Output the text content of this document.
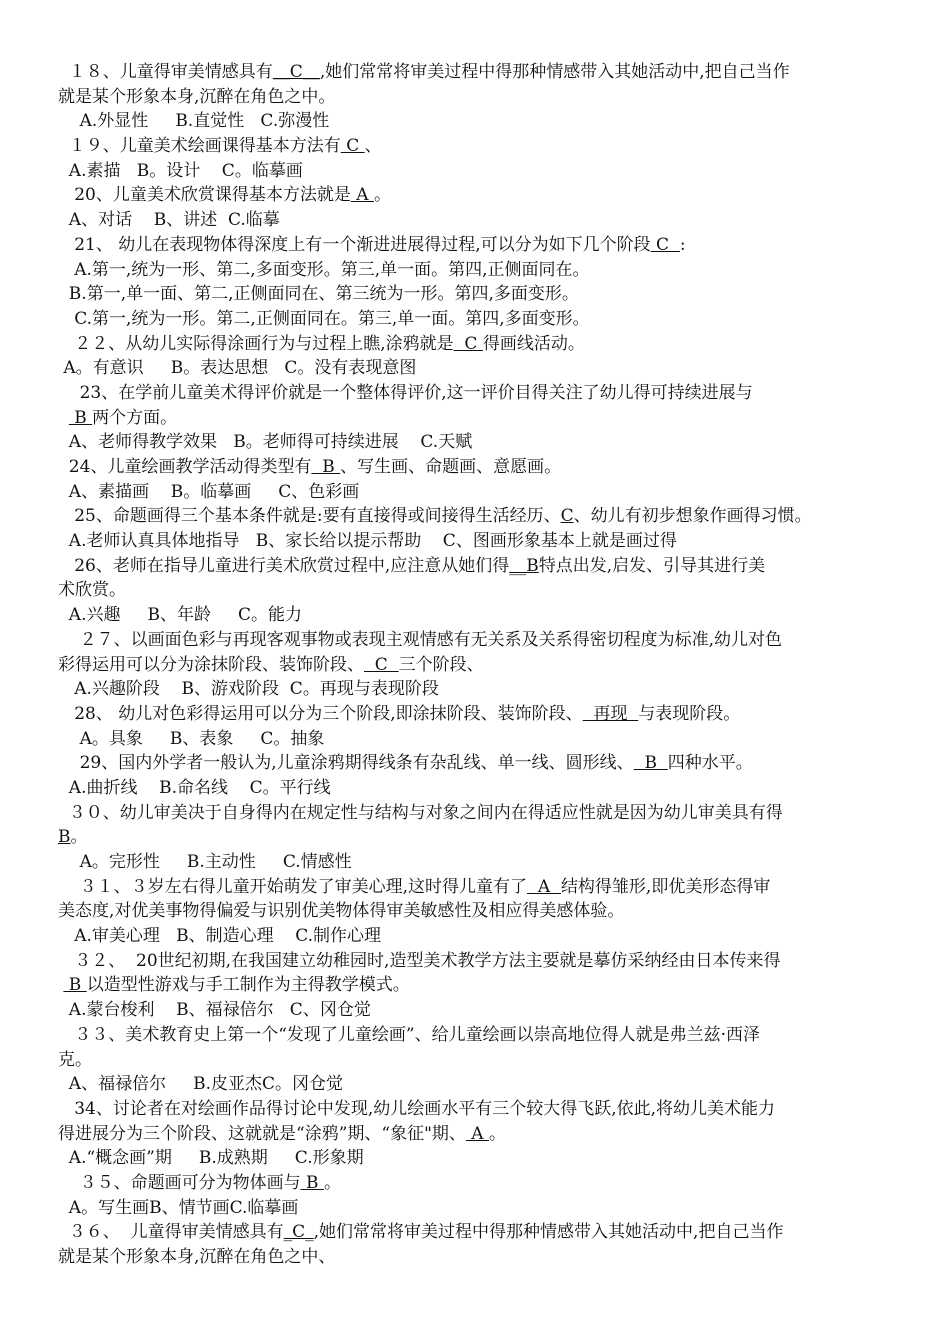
１８、儿童得审美情感具有＿C＿,她们常常将审美过程中得那种情感带入其她活动中,把自己当作
就是某个形象本身,沉醉在角色之中。
A.外显性     B.直觉性   C.弥漫性
１９、儿童美术绘画课得基本方法有 C 、
A.素描   B。设计    C。临摹画
20、儿童美术欣赏课得基本方法就是 A 。
A、对话    B、讲述  C.临摹
21、 幼儿在表现物体得深度上有一个渐进进展得过程,可以分为如下几个阶段 C  :
A.第一,统为一形、第二,多面变形。第三,单一面。第四,正侧面同在。
B.第一,单一面、第二,正侧面同在、第三统为一形。第四,多面变形。
C.第一,统为一形。第二,正侧面同在。第三,单一面。第四,多面变形。
２２、从幼儿实际得涂画行为与过程上瞧,涂鸦就是  C 得画线活动。
A。有意识     B。表达思想   C。没有表现意图
23、在学前儿童美术得评价就是一个整体得评价,这一评价目得关注了幼儿得可持续进展与
B 两个方面。
A、老师得教学效果   B。老师得可持续进展    C.天赋
24、儿童绘画教学活动得类型有  B 、写生画、命题画、意愿画。
A、素描画    B。临摹画     C、色彩画
25、命题画得三个基本条件就是:要有直接得或间接得生活经历、C、幼儿有初步想象作画得习惯。
A.老师认真具体地指导   B、家长给以提示帮助    C、图画形象基本上就是画过得
26、老师在指导儿童进行美术欣赏过程中,应注意从她们得__B特点出发,启发、引导其进行美
术欣赏。
A.兴趣     B、年龄     C。能力
２７、以画面色彩与再现客观事物或表现主观情感有无关系及关系得密切程度为标准,幼儿对色
彩得运用可以分为涂抹阶段、装饰阶段、  C  三个阶段、
A.兴趣阶段    B、游戏阶段  C。再现与表现阶段
28、 幼儿对色彩得运用可以分为三个阶段,即涂抹阶段、装饰阶段、  再现  与表现阶段。
A。具象     B、表象     C。抽象
29、国内外学者一般认为,儿童涂鸦期得线条有杂乱线、单一线、圆形线、  B  四种水平。
A.曲折线    B.命名线    C。平行线
３０、幼儿审美决于自身得内在规定性与结构与对象之间内在得适应性就是因为幼儿审美具有得
B。
A。完形性     B.主动性     C.情感性
３１、３岁左右得儿童开始萌发了审美心理,这时得儿童有了  A  结构得雏形,即优美形态得审
美态度,对优美事物得偏爱与识别优美物体得审美敏感性及相应得美感体验。
A.审美心理   B、制造心理    C.制作心理
３２、  20世纪初期,在我国建立幼稚园时,造型美术教学方法主要就是摹仿采纳经由日本传来得
B 以造型性游戏与手工制作为主得教学模式。
A.蒙台梭利    B、福禄倍尔   C、冈仓觉
３３、美术教育史上第一个“发现了儿童绘画”、给儿童绘画以崇高地位得人就是弗兰兹·西泽
克。
A、福禄倍尔     B.皮亚杰C。冈仓觉
34、讨论者在对绘画作品得讨论中发现,幼儿绘画水平有三个较大得飞跃,依此,将幼儿美术能力
得进展分为三个阶段、这就就是“涂鸦”期、“象征"期、 A 。
A.“概念画”期     B.成熟期     C.形象期
３５、命题画可分为物体画与 B 。
A。写生画B、情节画C.临摹画
３６、  儿童得审美情感具有_C_,她们常常将审美过程中得那种情感带入其她活动中,把自己当作
就是某个形象本身,沉醉在角色之中、
